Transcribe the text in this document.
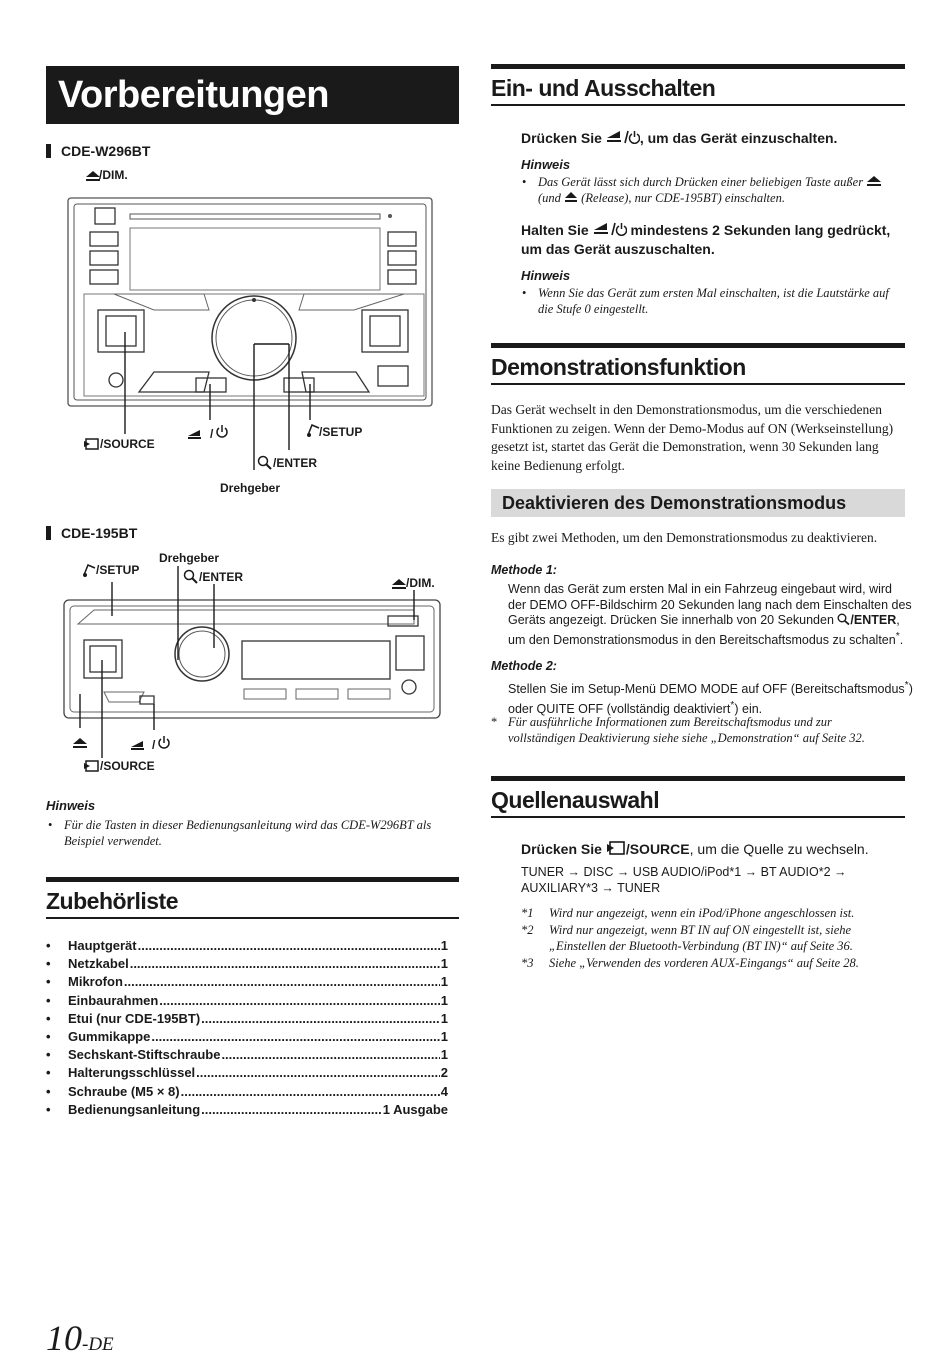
Vorbereitungen
CDE-W296BT
/DIM.
/SOURCE
/	/SETUP
/ENTER
Drehgeber
CDE-195BT
Drehgeber
/SETUP	/ENTER	/DIM.
/
/SOURCE
Hinweis
• Für die Tasten in dieser Bedienungsanleitung wird das CDE-W296BT als Beispiel verwendet.
Zubehörliste
•	Hauptgerät .....	1
•	Netzkabel .....	1
•	Mikrofon .....	1
•	Einbaurahmen .....	1
•	Etui (nur CDE-195BT) .....	1
•	Gummikappe .....	1
•	Sechskant-Stiftschraube .....	1
•	Halterungsschlüssel .....	2
•	Schraube (M5 × 8) .....	4
•	Bedienungsanleitung .....	1 Ausgabe
Ein- und Ausschalten
Drücken Sie	, um das Gerät einzuschalten.
Hinweis
• Das Gerät lässt sich durch Drücken einer beliebigen Taste außer
(und (Release), nur CDE-195BT) einschalten.
Halten Sie	mindestens 2 Sekunden lang gedrückt,
um das Gerät auszuschalten.
Hinweis
• Wenn Sie das Gerät zum ersten Mal einschalten, ist die Lautstärke auf die Stufe 0 eingestellt.
Demonstrationsfunktion
Das Gerät wechselt in den Demonstrationsmodus, um die verschiedenen Funktionen zu zeigen. Wenn der Demo-Modus auf ON (Werkseinstellung) gesetzt ist, startet das Gerät die Demonstration, wenn 30 Sekunden lang keine Bedienung erfolgt.
Deaktivieren des Demonstrationsmodus
Es gibt zwei Methoden, um den Demonstrationsmodus zu deaktivieren.
Methode 1:
Wenn das Gerät zum ersten Mal in ein Fahrzeug eingebaut wird, wird
der DEMO OFF-Bildschirm 20 Sekunden lang nach dem Einschalten des
Geräts angezeigt. Drücken Sie innerhalb von 20 Sekunden /ENTER,
um den Demonstrationsmodus in den Bereitschaftsmodus zu schalten*.
Methode 2:
Stellen Sie im Setup-Menü DEMO MODE auf OFF (Bereitschaftsmodus*)
oder QUITE OFF (vollständig deaktiviert*) ein.
* Für ausführliche Informationen zum Bereitschaftsmodus und zur
vollständigen Deaktivierung siehe siehe „Demonstration“ auf Seite 32.
Quellenauswahl
Drücken Sie /SOURCE, um die Quelle zu wechseln.
TUNER → DISC → USB AUDIO/iPod*1 → BT AUDIO*2 →
AUXILIARY*3 → TUNER
*1 Wird nur angezeigt, wenn ein iPod/iPhone angeschlossen ist.
*2 Wird nur angezeigt, wenn BT IN auf ON eingestellt ist, siehe
„Einstellen der Bluetooth-Verbindung (BT IN)“ auf Seite 36.
*3 Siehe „Verwenden des vorderen AUX-Eingangs“ auf Seite 28.
10-DE
